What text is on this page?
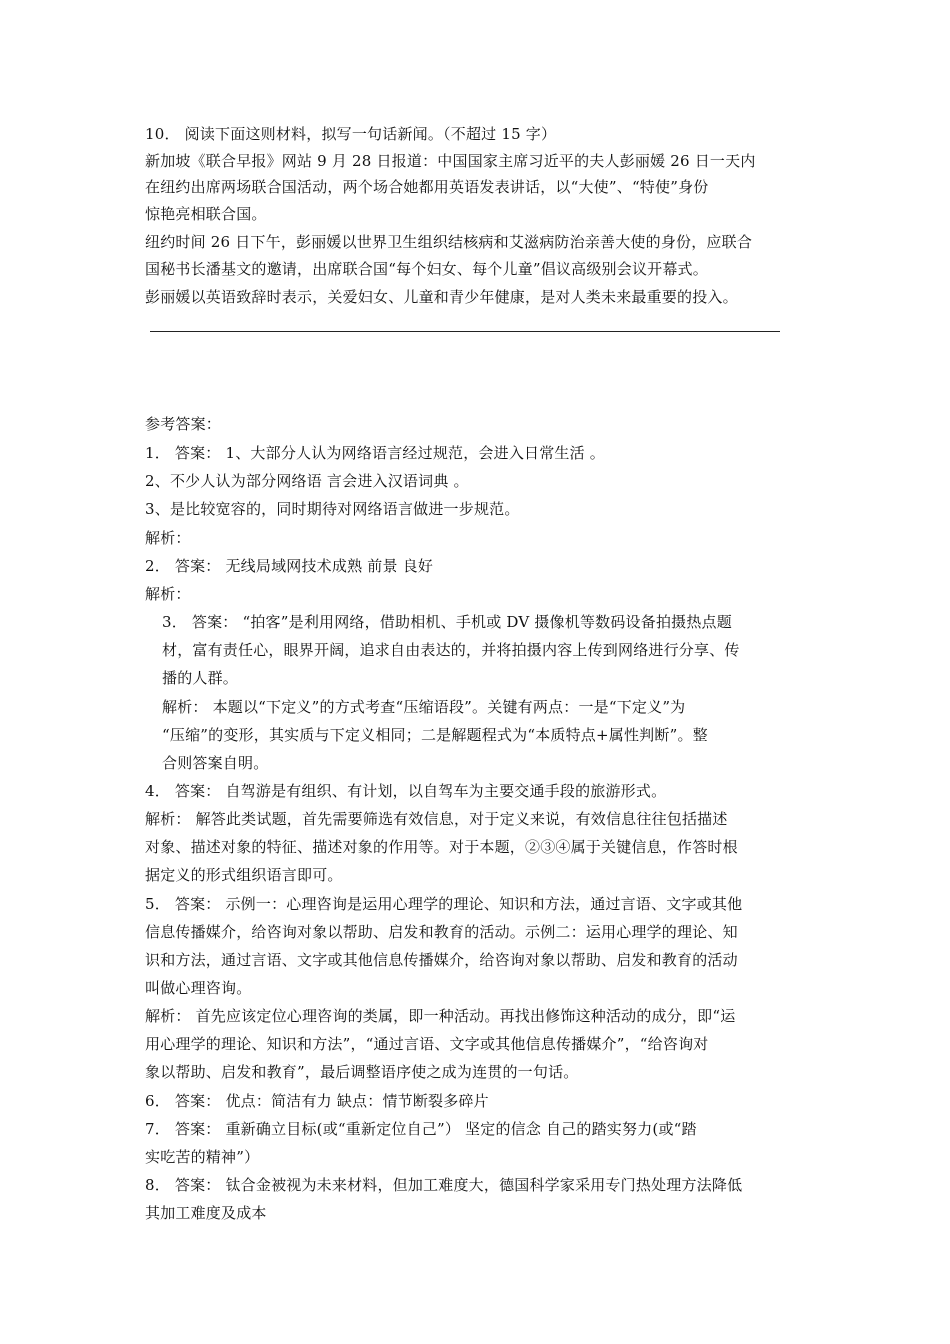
10． 阅读下面这则材料，拟写一句话新闻。（不超过 15 字）
新加坡《联合早报》网站 9 月 28 日报道：中国国家主席习近平的夫人彭丽媛 26 日一天内
在纽约出席两场联合国活动，两个场合她都用英语发表讲话，以“大使”、“特使”身份
惊艳亮相联合国。
纽约时间 26 日下午，彭丽媛以世界卫生组织结核病和艾滋病防治亲善大使的身份，应联合
国秘书长潘基文的邀请，出席联合国“每个妇女、每个儿童”倡议高级别会议开幕式。
彭丽媛以英语致辞时表示，关爱妇女、儿童和青少年健康，是对人类未来最重要的投入。
参考答案：
1． 答案： 1、大部分人认为网络语言经过规范，会进入日常生活 。
2、不少人认为部分网络语 言会进入汉语词典 。
3、是比较宽容的，同时期待对网络语言做进一步规范。
解析：
2． 答案： 无线局域网技术成熟 前景 良好
解析：
3． 答案： “拍客”是利用网络，借助相机、手机或 DV 摄像机等数码设备拍摄热点题
材，富有责任心，眼界开阔，追求自由表达的，并将拍摄内容上传到网络进行分享、传
播的人群。
解析： 本题以“下定义”的方式考查“压缩语段”。关键有两点：一是“下定义”为
“压缩”的变形，其实质与下定义相同；二是解题程式为“本质特点+属性判断”。整
合则答案自明。
4． 答案： 自驾游是有组织、有计划，以自驾车为主要交通手段的旅游形式。
解析： 解答此类试题，首先需要筛选有效信息，对于定义来说，有效信息往往包括描述
对象、描述对象的特征、描述对象的作用等。对于本题，②③④属于关键信息，作答时根
据定义的形式组织语言即可。
5． 答案： 示例一：心理咨询是运用心理学的理论、知识和方法，通过言语、文字或其他
信息传播媒介，给咨询对象以帮助、启发和教育的活动。示例二：运用心理学的理论、知
识和方法，通过言语、文字或其他信息传播媒介，给咨询对象以帮助、启发和教育的活动
叫做心理咨询。
解析： 首先应该定位心理咨询的类属，即一种活动。再找出修饰这种活动的成分，即“运
用心理学的理论、知识和方法”，“通过言语、文字或其他信息传播媒介”，“给咨询对
象以帮助、启发和教育”，最后调整语序使之成为连贯的一句话。
6． 答案： 优点：简洁有力 缺点：情节断裂多碎片
7． 答案： 重新确立目标(或“重新定位自己”） 坚定的信念 自己的踏实努力(或“踏
实吃苦的精神”）
8． 答案： 钛合金被视为未来材料，但加工难度大，德国科学家采用专门热处理方法降低
其加工难度及成本
